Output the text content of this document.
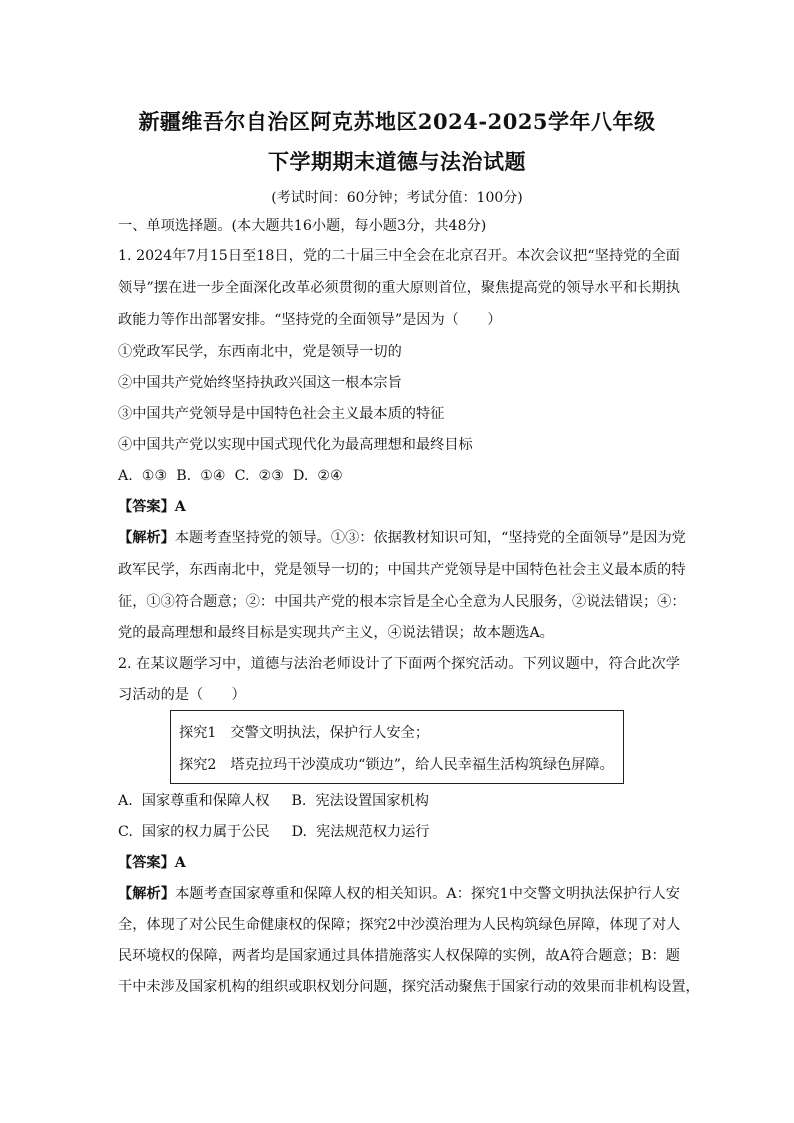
新疆维吾尔自治区阿克苏地区2024-2025学年八年级
下学期期末道德与法治试题
(考试时间：60分钟；考试分值：100分)
一、单项选择题。(本大题共16小题，每小题3分，共48分)
1. 2024年7月15日至18日，党的二十届三中全会在北京召开。本次会议把“坚持党的全面
领导”摆在进一步全面深化改革必须贯彻的重大原则首位，聚焦提高党的领导水平和长期执
政能力等作出部署安排。“坚持党的全面领导”是因为（　　）
①党政军民学，东西南北中，党是领导一切的
②中国共产党始终坚持执政兴国这一根本宗旨
③中国共产党领导是中国特色社会主义最本质的特征
④中国共产党以实现中国式现代化为最高理想和最终目标
A.  ①③  B.  ①④  C.  ②③  D.  ②④
【答案】A
【解析】本题考查坚持党的领导。①③：依据教材知识可知，“坚持党的全面领导”是因为党
政军民学，东西南北中，党是领导一切的；中国共产党领导是中国特色社会主义最本质的特
征，①③符合题意；②：中国共产党的根本宗旨是全心全意为人民服务，②说法错误；④：
党的最高理想和最终目标是实现共产主义，④说法错误；故本题选A。
2. 在某议题学习中，道德与法治老师设计了下面两个探究活动。下列议题中，符合此次学
习活动的是（　　）
探究1 交警文明执法，保护行人安全；
探究2 塔克拉玛干沙漠成功“锁边”，给人民幸福生活构筑绿色屏障。
A.  国家尊重和保障人权 B.  宪法设置国家机构
C.  国家的权力属于公民 D.  宪法规范权力运行
【答案】A
【解析】本题考查国家尊重和保障人权的相关知识。A：探究1中交警文明执法保护行人安
全，体现了对公民生命健康权的保障；探究2中沙漠治理为人民构筑绿色屏障，体现了对人
民环境权的保障，两者均是国家通过具体措施落实人权保障的实例，故A符合题意；B：题
干中未涉及国家机构的组织或职权划分问题，探究活动聚焦于国家行动的效果而非机构设置，
